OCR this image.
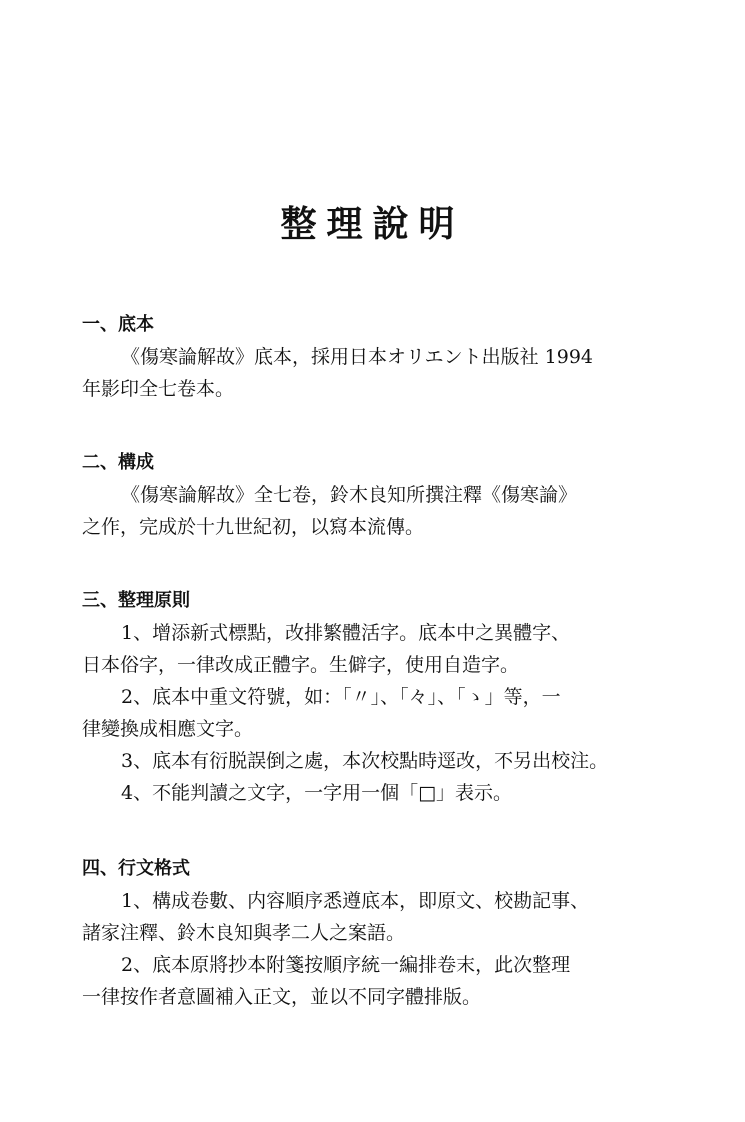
整理說明
一、底本
《傷寒論解故》底本，採用日本オリエント出版社 1994
年影印全七卷本。
二、構成
《傷寒論解故》全七卷，鈴木良知所撰注釋《傷寒論》
之作，完成於十九世紀初，以寫本流傳。
三、整理原則
1、增添新式標點，改排繁體活字。底本中之異體字、
日本俗字，一律改成正體字。生僻字，使用自造字。
2、底本中重文符號，如：「〃」、「々」、「ゝ」等，一
律變換成相應文字。
3、底本有衍脱誤倒之處，本次校點時逕改，不另出校注。
4、不能判讀之文字，一字用一個「□」表示。
四、行文格式
1、構成卷數、内容順序悉遵底本，即原文、校勘記事、
諸家注釋、鈴木良知與孝二人之案語。
2、底本原將抄本附箋按順序統一編排卷末，此次整理
一律按作者意圖補入正文，並以不同字體排版。
